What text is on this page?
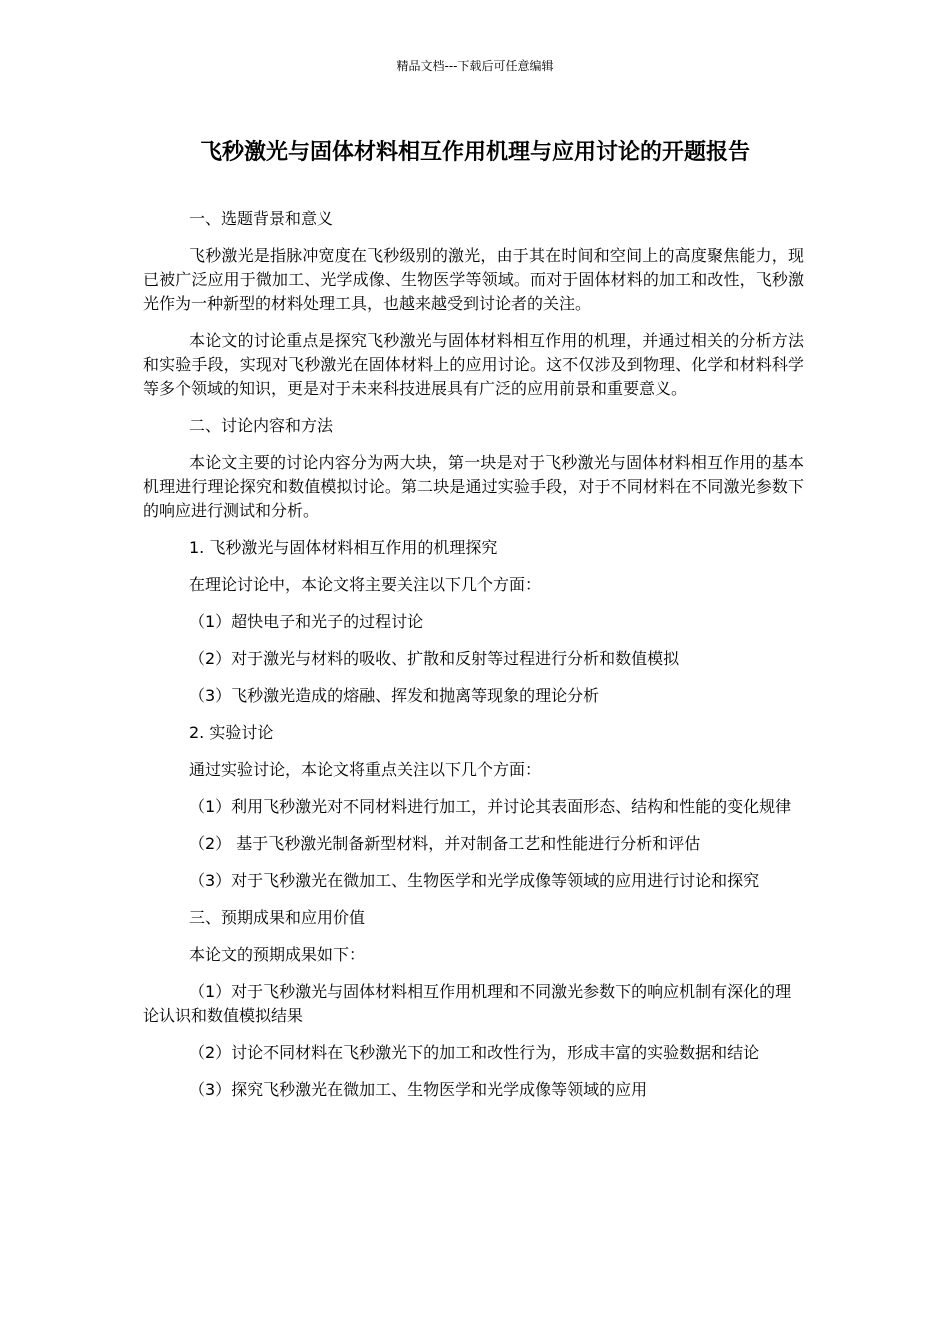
精品文档---下载后可任意编辑
飞秒激光与固体材料相互作用机理与应用讨论的开题报告
一、选题背景和意义
飞秒激光是指脉冲宽度在飞秒级别的激光，由于其在时间和空间上的高度聚焦能力，现已被广泛应用于微加工、光学成像、生物医学等领域。而对于固体材料的加工和改性，飞秒激光作为一种新型的材料处理工具，也越来越受到讨论者的关注。
本论文的讨论重点是探究飞秒激光与固体材料相互作用的机理，并通过相关的分析方法和实验手段，实现对飞秒激光在固体材料上的应用讨论。这不仅涉及到物理、化学和材料科学等多个领域的知识，更是对于未来科技进展具有广泛的应用前景和重要意义。
二、讨论内容和方法
本论文主要的讨论内容分为两大块，第一块是对于飞秒激光与固体材料相互作用的基本机理进行理论探究和数值模拟讨论。第二块是通过实验手段，对于不同材料在不同激光参数下的响应进行测试和分析。
1. 飞秒激光与固体材料相互作用的机理探究
在理论讨论中，本论文将主要关注以下几个方面：
（1）超快电子和光子的过程讨论
（2）对于激光与材料的吸收、扩散和反射等过程进行分析和数值模拟
（3）飞秒激光造成的熔融、挥发和抛离等现象的理论分析
2. 实验讨论
通过实验讨论，本论文将重点关注以下几个方面：
（1）利用飞秒激光对不同材料进行加工，并讨论其表面形态、结构和性能的变化规律
（2） 基于飞秒激光制备新型材料，并对制备工艺和性能进行分析和评估
（3）对于飞秒激光在微加工、生物医学和光学成像等领域的应用进行讨论和探究
三、预期成果和应用价值
本论文的预期成果如下：
（1）对于飞秒激光与固体材料相互作用机理和不同激光参数下的响应机制有深化的理论认识和数值模拟结果
（2）讨论不同材料在飞秒激光下的加工和改性行为，形成丰富的实验数据和结论
（3）探究飞秒激光在微加工、生物医学和光学成像等领域的应用
